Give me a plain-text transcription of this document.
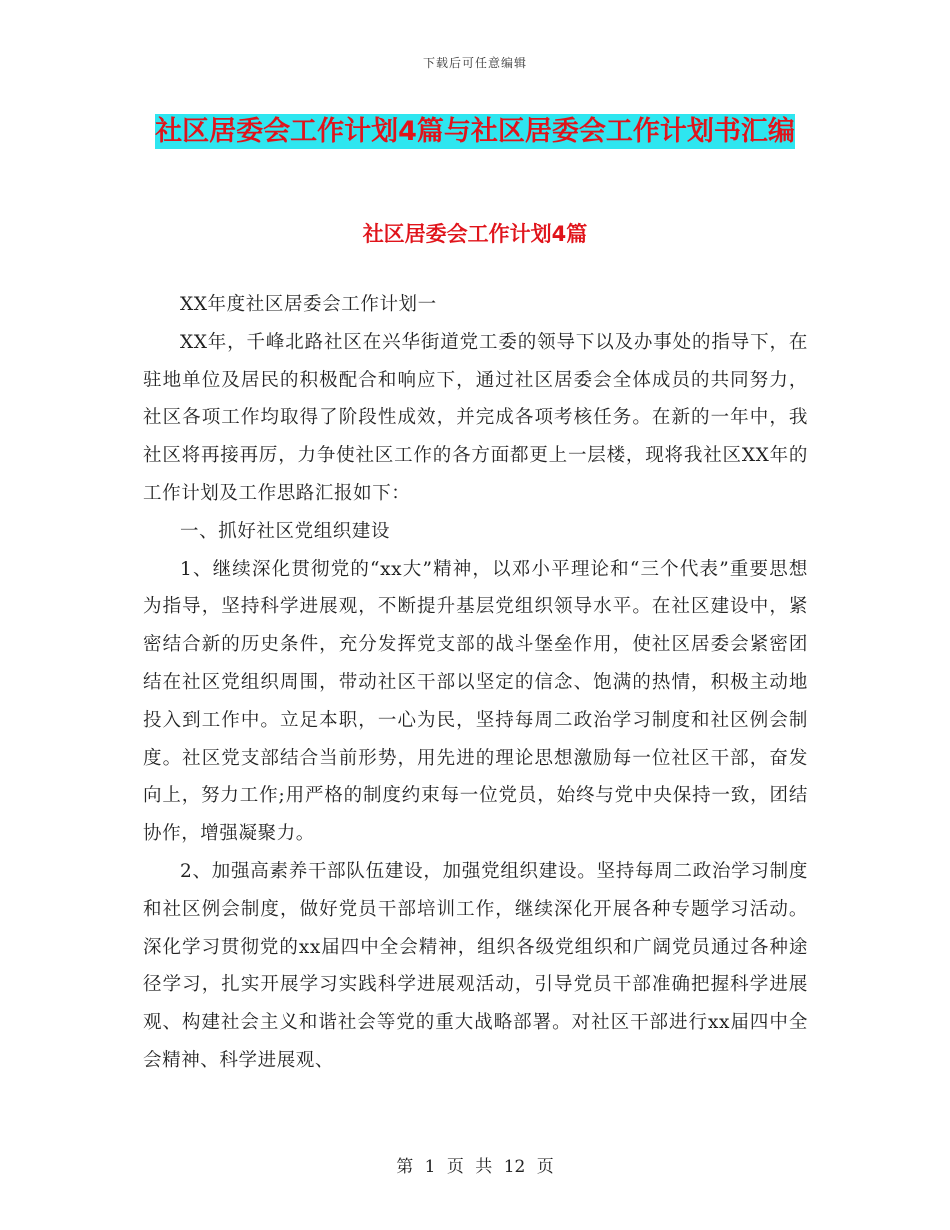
下载后可任意编辑
社区居委会工作计划4篇与社区居委会工作计划书汇编
社区居委会工作计划4篇

XX年度社区居委会工作计划一

XX年，千峰北路社区在兴华街道党工委的领导下以及办事处的指导下，在驻地单位及居民的积极配合和响应下，通过社区居委会全体成员的共同努力，社区各项工作均取得了阶段性成效，并完成各项考核任务。在新的一年中，我社区将再接再厉，力争使社区工作的各方面都更上一层楼，现将我社区XX年的工作计划及工作思路汇报如下：

一、抓好社区党组织建设

1、继续深化贯彻党的“xx大”精神，以邓小平理论和“三个代表”重要思想为指导，坚持科学进展观，不断提升基层党组织领导水平。在社区建设中，紧密结合新的历史条件，充分发挥党支部的战斗堡垒作用，使社区居委会紧密团结在社区党组织周围，带动社区干部以坚定的信念、饱满的热情，积极主动地投入到工作中。立足本职，一心为民，坚持每周二政治学习制度和社区例会制度。社区党支部结合当前形势，用先进的理论思想激励每一位社区干部，奋发向上，努力工作;用严格的制度约束每一位党员，始终与党中央保持一致，团结协作，增强凝聚力。

2、加强高素养干部队伍建设，加强党组织建设。坚持每周二政治学习制度和社区例会制度，做好党员干部培训工作，继续深化开展各种专题学习活动。深化学习贯彻党的xx届四中全会精神，组织各级党组织和广阔党员通过各种途径学习，扎实开展学习实践科学进展观活动，引导党员干部准确把握科学进展观、构建社会主义和谐社会等党的重大战略部署。对社区干部进行xx届四中全会精神、科学进展观、

第 1 页 共 12 页
